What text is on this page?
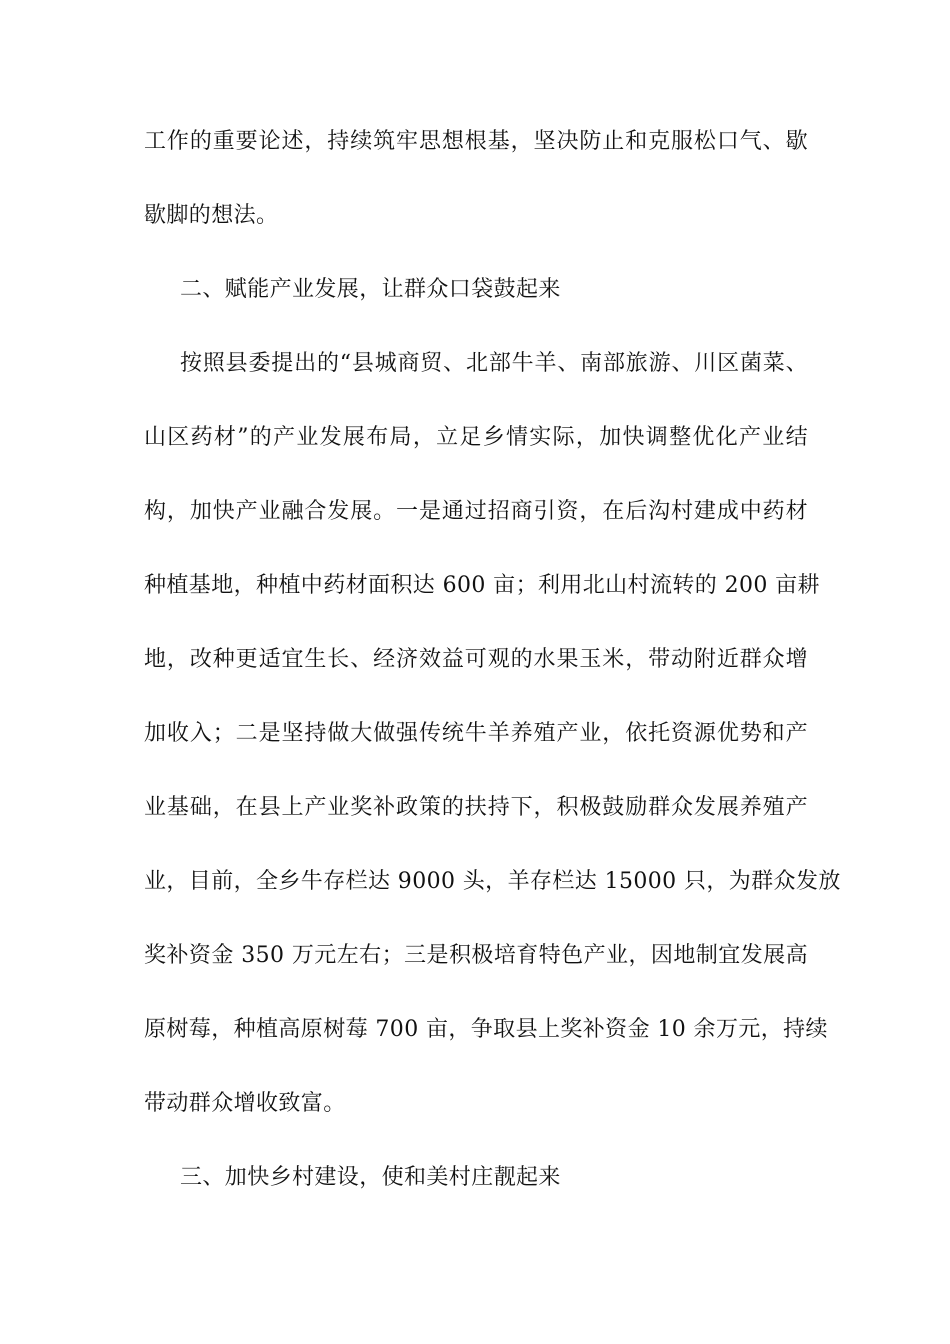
工作的重要论述，持续筑牢思想根基，坚决防止和克服松口气、歇
歇脚的想法。
二、赋能产业发展，让群众口袋鼓起来
按照县委提出的“县城商贸、北部牛羊、南部旅游、川区菌菜、
山区药材”的产业发展布局，立足乡情实际，加快调整优化产业结
构，加快产业融合发展。一是通过招商引资，在后沟村建成中药材
种植基地，种植中药材面积达 600 亩；利用北山村流转的 200 亩耕
地，改种更适宜生长、经济效益可观的水果玉米，带动附近群众增
加收入；二是坚持做大做强传统牛羊养殖产业，依托资源优势和产
业基础，在县上产业奖补政策的扶持下，积极鼓励群众发展养殖产
业，目前，全乡牛存栏达 9000 头，羊存栏达 15000 只，为群众发放
奖补资金 350 万元左右；三是积极培育特色产业，因地制宜发展高
原树莓，种植高原树莓 700 亩，争取县上奖补资金 10 余万元，持续
带动群众增收致富。
三、加快乡村建设，使和美村庄靓起来
